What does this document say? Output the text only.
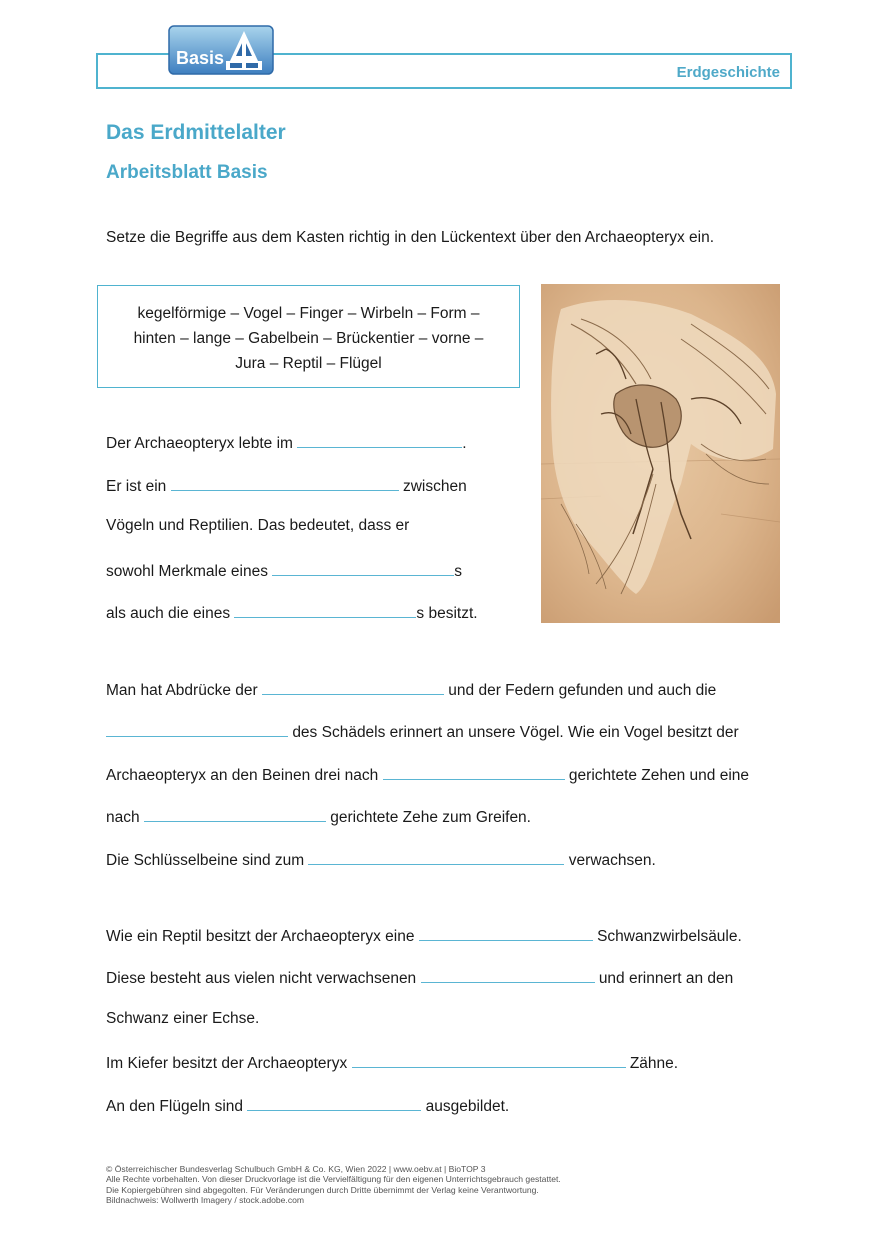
Erdgeschichte
Basis
Das Erdmittelalter
Arbeitsblatt Basis
Setze die Begriffe aus dem Kasten richtig in den Lückentext über den Archaeopteryx ein.
kegelförmige – Vogel – Finger – Wirbeln – Form –
hinten – lange – Gabelbein – Brückentier – vorne –
Jura – Reptil – Flügel
Der Archaeopteryx lebte im	.
Er ist ein	zwischen
Vögeln und Reptilien. Das bedeutet, dass er
sowohl Merkmale eines	s
als auch die eines	s besitzt.
Man hat Abdrücke der	und der Federn gefunden und auch die
des Schädels erinnert an unsere Vögel. Wie ein Vogel besitzt der
Archaeopteryx an den Beinen drei nach	gerichtete Zehen und eine
nach	gerichtete Zehe zum Greifen.
Die Schlüsselbeine sind zum	verwachsen.
Wie ein Reptil besitzt der Archaeopteryx eine	Schwanzwirbelsäule.
Diese besteht aus vielen nicht verwachsenen	und erinnert an den
Schwanz einer Echse.
Im Kiefer besitzt der Archaeopteryx	Zähne.
An den Flügeln sind	ausgebildet.
© Österreichischer Bundesverlag Schulbuch GmbH & Co. KG, Wien 2022 | www.oebv.at | BioTOP 3
Alle Rechte vorbehalten. Von dieser Druckvorlage ist die Vervielfältigung für den eigenen Unterrichtsgebrauch gestattet.
Die Kopiergebühren sind abgegolten. Für Veränderungen durch Dritte übernimmt der Verlag keine Verantwortung.
Bildnachweis: Wollwerth Imagery / stock.adobe.com
